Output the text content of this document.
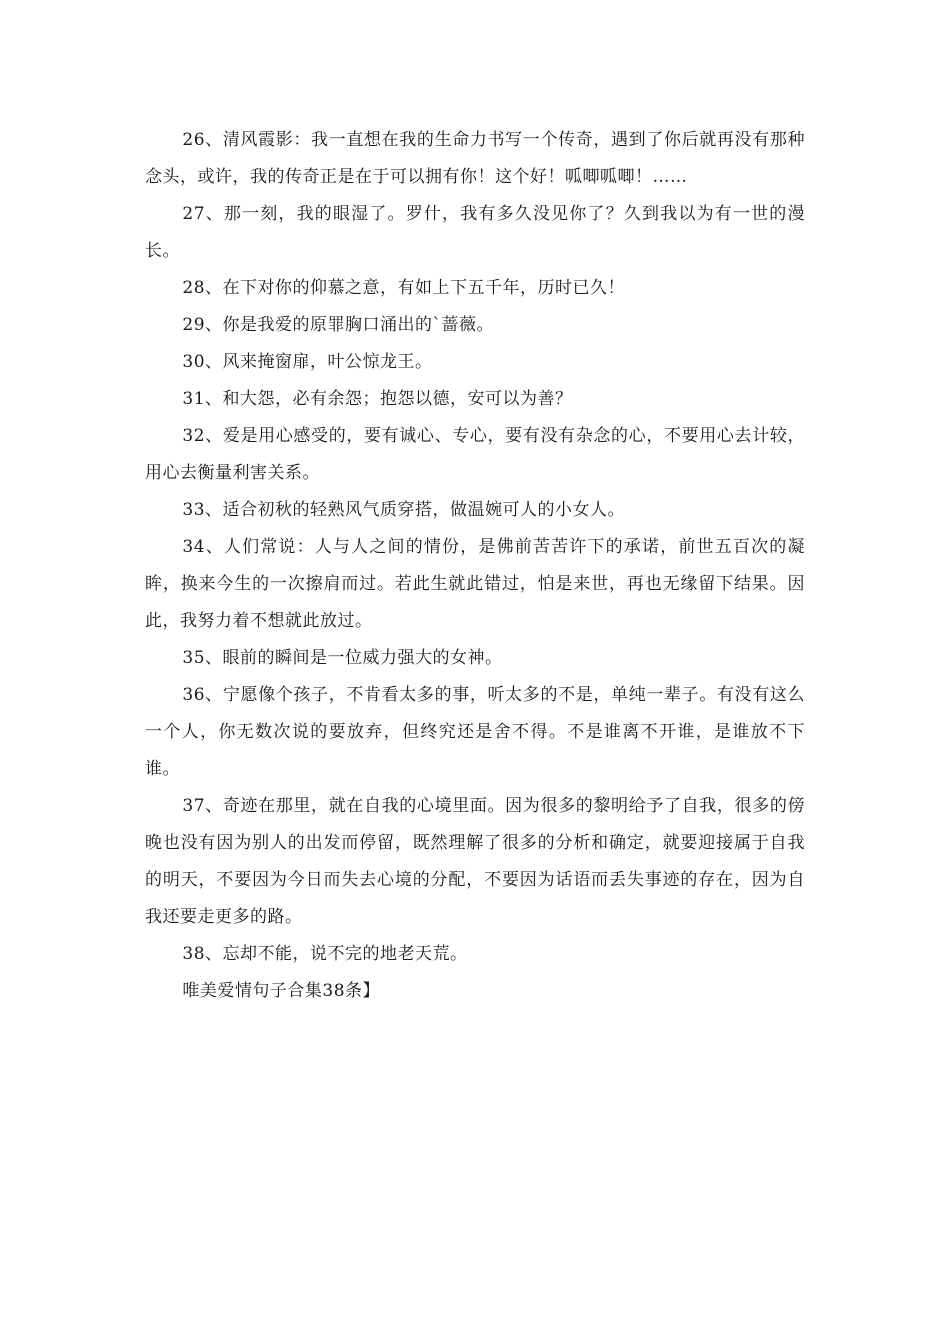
26、清风霞影：我一直想在我的生命力书写一个传奇，遇到了你后就再没有那种念头，或许，我的传奇正是在于可以拥有你！这个好！呱唧呱唧！……

27、那一刻，我的眼湿了。罗什，我有多久没见你了？久到我以为有一世的漫长。

28、在下对你的仰慕之意，有如上下五千年，历时已久！

29、你是我爱的原罪胸口涌出的`蔷薇。

30、风来掩窗扉，叶公惊龙王。

31、和大怨，必有余怨；抱怨以德，安可以为善？

32、爱是用心感受的，要有诚心、专心，要有没有杂念的心，不要用心去计较，用心去衡量利害关系。

33、适合初秋的轻熟风气质穿搭，做温婉可人的小女人。

34、人们常说：人与人之间的情份，是佛前苦苦许下的承诺，前世五百次的凝眸，换来今生的一次擦肩而过。若此生就此错过，怕是来世，再也无缘留下结果。因此，我努力着不想就此放过。

35、眼前的瞬间是一位威力强大的女神。

36、宁愿像个孩子，不肯看太多的事，听太多的不是，单纯一辈子。有没有这么一个人，你无数次说的要放弃，但终究还是舍不得。不是谁离不开谁，是谁放不下谁。

37、奇迹在那里，就在自我的心境里面。因为很多的黎明给予了自我，很多的傍晚也没有因为别人的出发而停留，既然理解了很多的分析和确定，就要迎接属于自我的明天，不要因为今日而失去心境的分配，不要因为话语而丢失事迹的存在，因为自我还要走更多的路。

38、忘却不能，说不完的地老天荒。

唯美爱情句子合集38条】
